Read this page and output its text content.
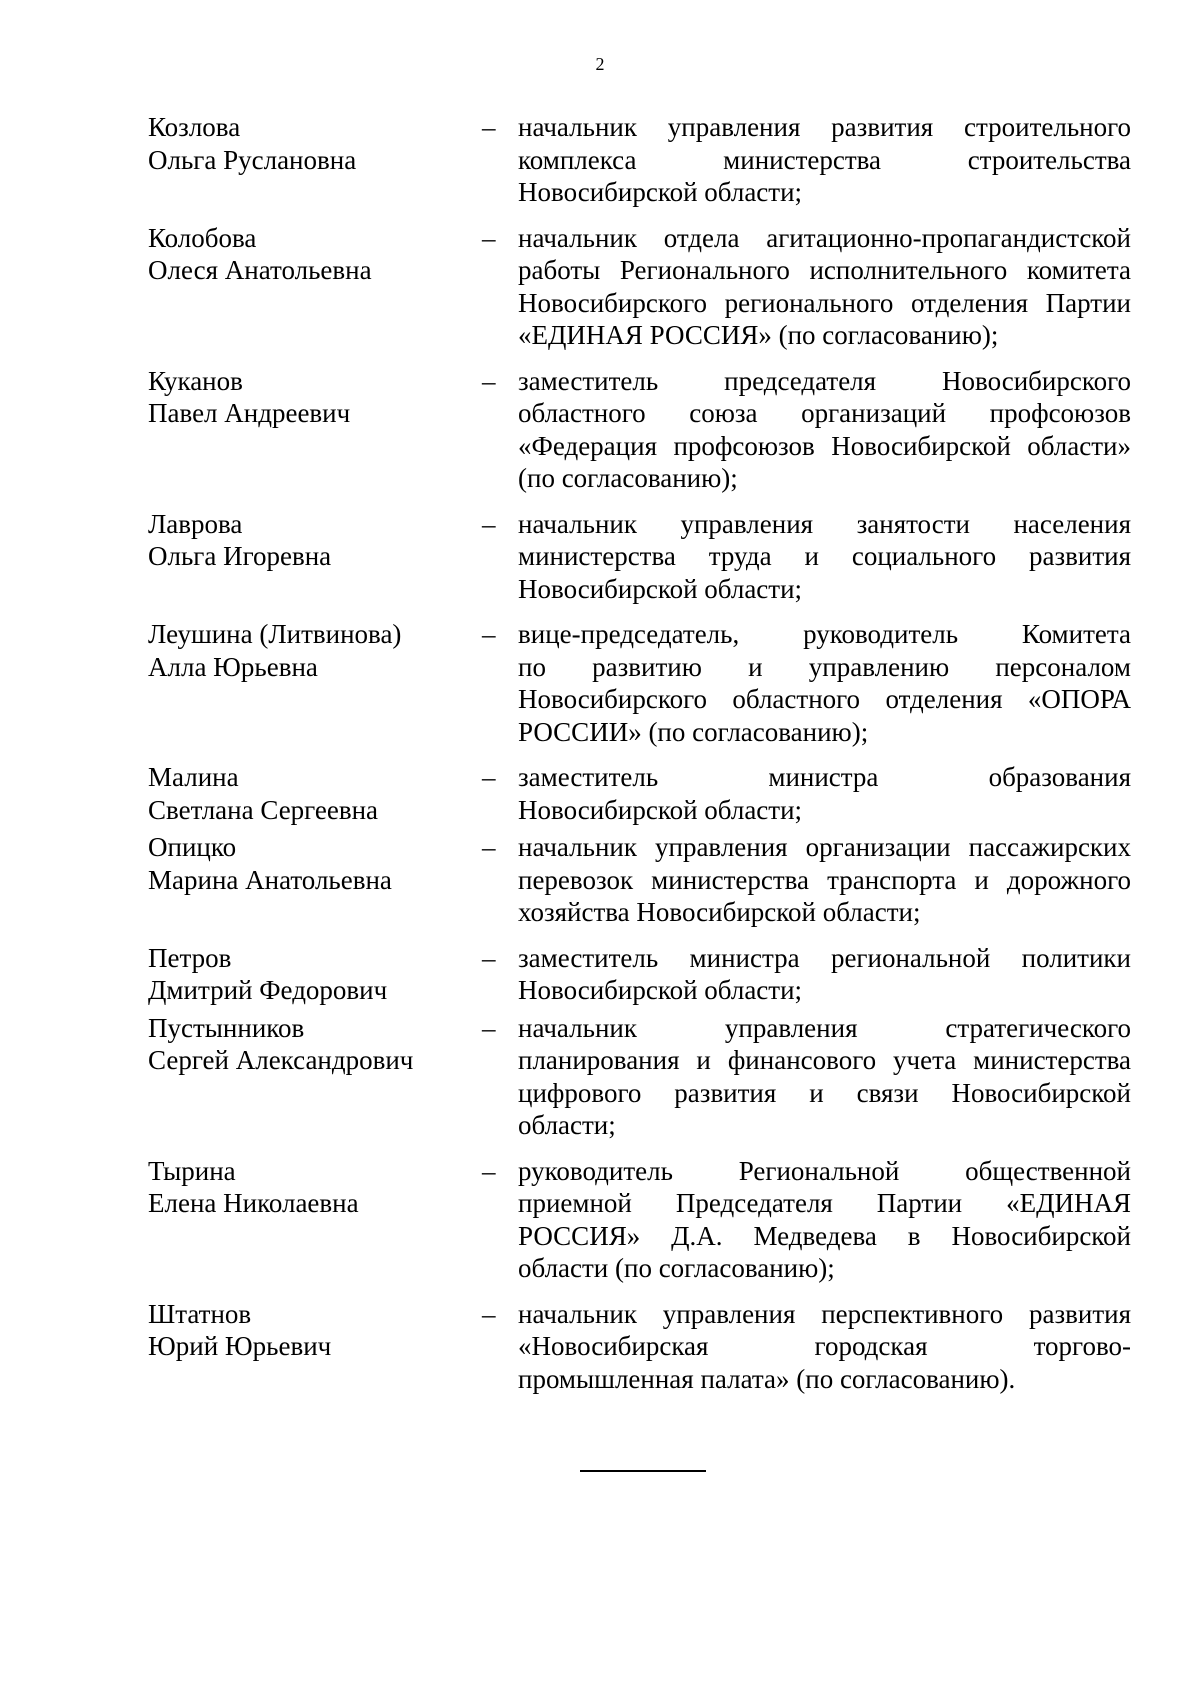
2
Козлова
Ольга Руслановна
– начальник управления развития строительного
комплекса министерства строительства
Новосибирской области;
Колобова
Олеся Анатольевна
– начальник отдела агитационно-пропагандистской
работы Регионального исполнительного комитета
Новосибирского регионального отделения Партии
«ЕДИНАЯ РОССИЯ» (по согласованию);
Куканов
Павел Андреевич
– заместитель председателя Новосибирского
областного союза организаций профсоюзов
«Федерация профсоюзов Новосибирской области»
(по согласованию);
Лаврова
Ольга Игоревна
– начальник управления занятости населения
министерства труда и социального развития
Новосибирской области;
Леушина (Литвинова)
Алла Юрьевна
– вице-председатель, руководитель Комитета
по развитию и управлению персоналом
Новосибирского областного отделения «ОПОРА
РОССИИ» (по согласованию);
Малина
Светлана Сергеевна
– заместитель министра образования
Новосибирской области;
Опицко
Марина Анатольевна
– начальник управления организации пассажирских
перевозок министерства транспорта и дорожного
хозяйства Новосибирской области;
Петров
Дмитрий Федорович
– заместитель министра региональной политики
Новосибирской области;
Пустынников
Сергей Александрович
– начальник управления стратегического
планирования и финансового учета министерства
цифрового развития и связи Новосибирской
области;
Тырина
Елена Николаевна
– руководитель Региональной общественной
приемной Председателя Партии «ЕДИНАЯ
РОССИЯ» Д.А. Медведева в Новосибирской
области (по согласованию);
Штатнов
Юрий Юрьевич
– начальник управления перспективного развития
«Новосибирская городская торгово-
промышленная палата» (по согласованию).
